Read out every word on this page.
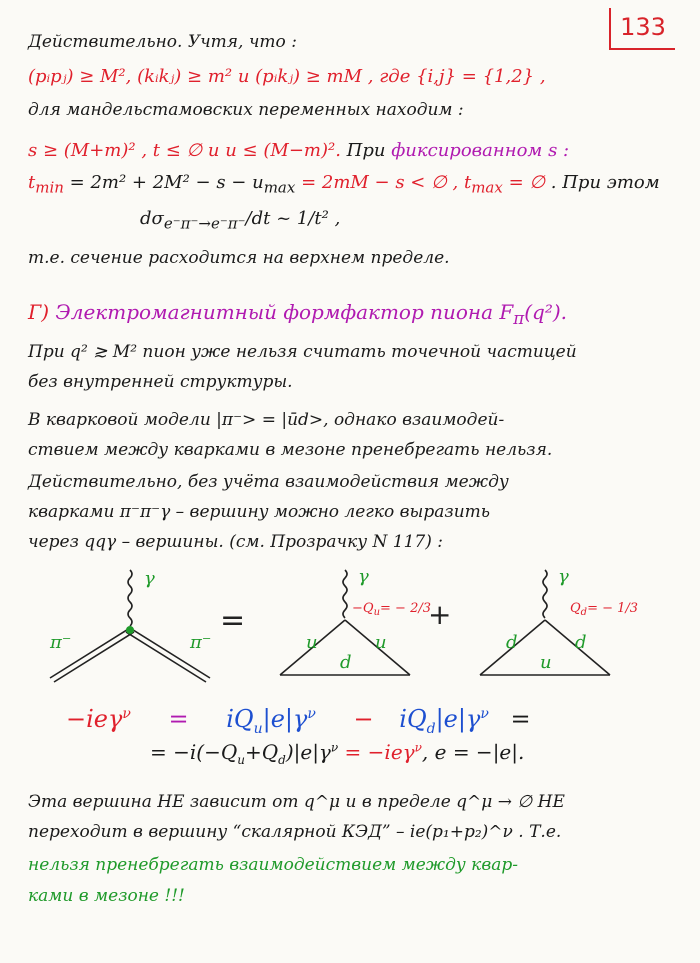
133
Действительно. Учтя, что :
(pᵢpⱼ) ≥ M², (kᵢkⱼ) ≥ m² и (pᵢkⱼ) ≥ mM , где {i,j} = {1,2} ,
для мандельстамовских переменных находим :
s ≥ (M+m)² , t ≤ ∅ и u ≤ (M−m)². При фиксированном s :
$t_{min} = 2m^2 + 2M^2 - s - u_{max} = 2mM - s$ < ∅ , $t_{max}$ = ∅ . При этом
$d\sigma_{e^-\pi^-\to e^-\pi^-}/dt$ ~ 1/t² ,
т.е. сечение расходится на верхнем пределе.
Г) Электромагнитный формфактор пиона $F_\pi(q^2)$.
При q² ≳ M² пион уже нельзя считать точечной частицей
без внутренней структуры.
В кварковой модели |π⁻> = |ūd>, однако взаимодей-
ствием между кварками в мезоне пренебрегать нельзя.
Действительно, без учёта взаимодействия между
кварками π⁻π⁻γ – вершину можно легко выразить
через qqγ – вершины. (см. Прозрачку N 117) :
γ
π⁻	π⁻
=
γ
u	u
d
$-Q_u= - 2/3$
+
γ
d	d
u
$Q_d= - 1/3$
$-ie\gamma^\nu = iQ_u|e|\gamma^\nu - iQ_d|e|\gamma^\nu$ =
= $-i(-Q_u+Q_d)|e|\gamma^\nu = -ie\gamma^\nu$, e = −|e|.
Эта вершина НЕ зависит от q^μ и в пределе q^μ → ∅ НЕ
переходит в вершину “скалярной КЭД” – ie(p₁+p₂)^ν . Т.е.
нельзя пренебрегать взаимодействием между квар-
ками в мезоне !!!
